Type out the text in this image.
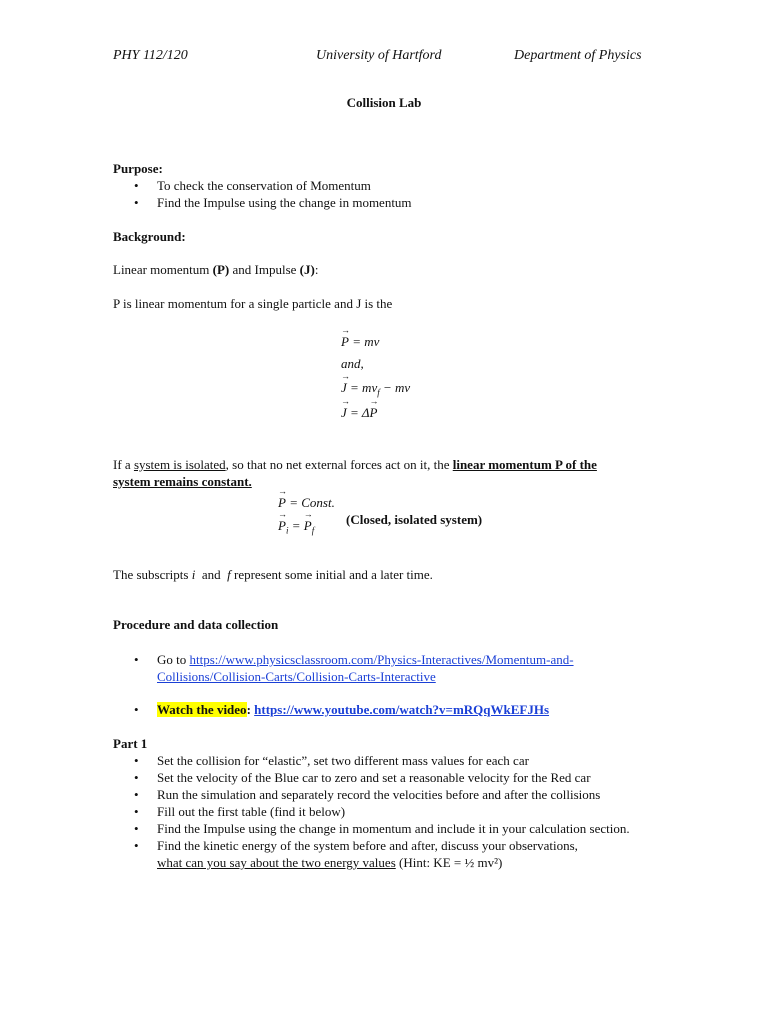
PHY 112/120	University of Hartford	Department of Physics
Collision Lab
Purpose:
• To check the conservation of Momentum
• Find the Impulse using the change in momentum
Background:
Linear momentum (P) and Impulse (J):
P is linear momentum for a single particle and J is the
→ P = mv
and,
→ $J = mv_f$ − mv
→ J = Δ→ P
If a system is isolated, so that no net external forces act on it, the linear momentum P of the
system remains constant.
→ P = Const.
→ $P_i$ = → $P_f$
(Closed, isolated system)
The subscripts i  and  f represent some initial and a later time.
Procedure and data collection
• Go to https://www.physicsclassroom.com/Physics-Interactives/Momentum-and-
Collisions/Collision-Carts/Collision-Carts-Interactive
• Watch the video: https://www.youtube.com/watch?v=mRQqWkEFJHs
Part 1
• Set the collision for “elastic”, set two different mass values for each car
• Set the velocity of the Blue car to zero and set a reasonable velocity for the Red car
• Run the simulation and separately record the velocities before and after the collisions
• Fill out the first table (find it below)
• Find the Impulse using the change in momentum and include it in your calculation section.
• Find the kinetic energy of the system before and after, discuss your observations,
what can you say about the two energy values (Hint: KE = ½ mv²)
